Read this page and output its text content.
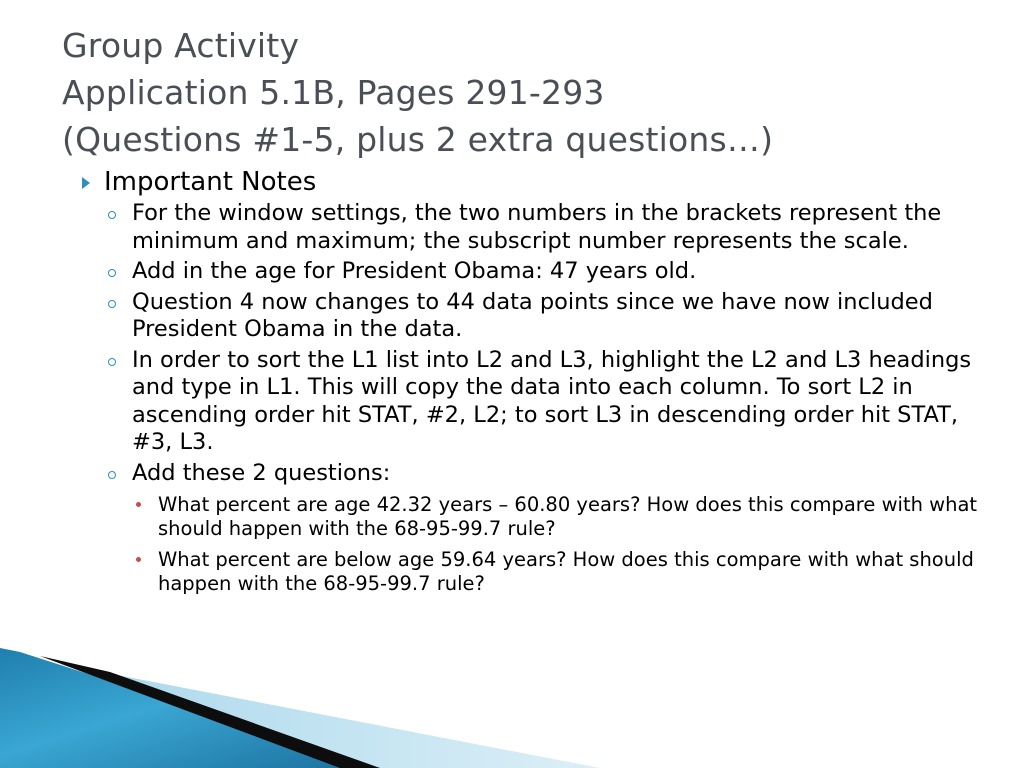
Group Activity
Application 5.1B, Pages 291-293
(Questions #1-5, plus 2 extra questions…)
Important Notes
For the window settings, the two numbers in the brackets represent the minimum and maximum; the subscript number represents the scale.
Add in the age for President Obama: 47 years old.
Question 4 now changes to 44 data points since we have now included President Obama in the data.
In order to sort the L1 list into L2 and L3, highlight the L2 and L3 headings and type in L1. This will copy the data into each column. To sort L2 in ascending order hit STAT, #2, L2; to sort L3 in descending order hit STAT, #3, L3.
Add these 2 questions:
What percent are age 42.32 years – 60.80 years? How does this compare with what should happen with the 68-95-99.7 rule?
What percent are below age 59.64 years? How does this compare with what should happen with the 68-95-99.7 rule?
